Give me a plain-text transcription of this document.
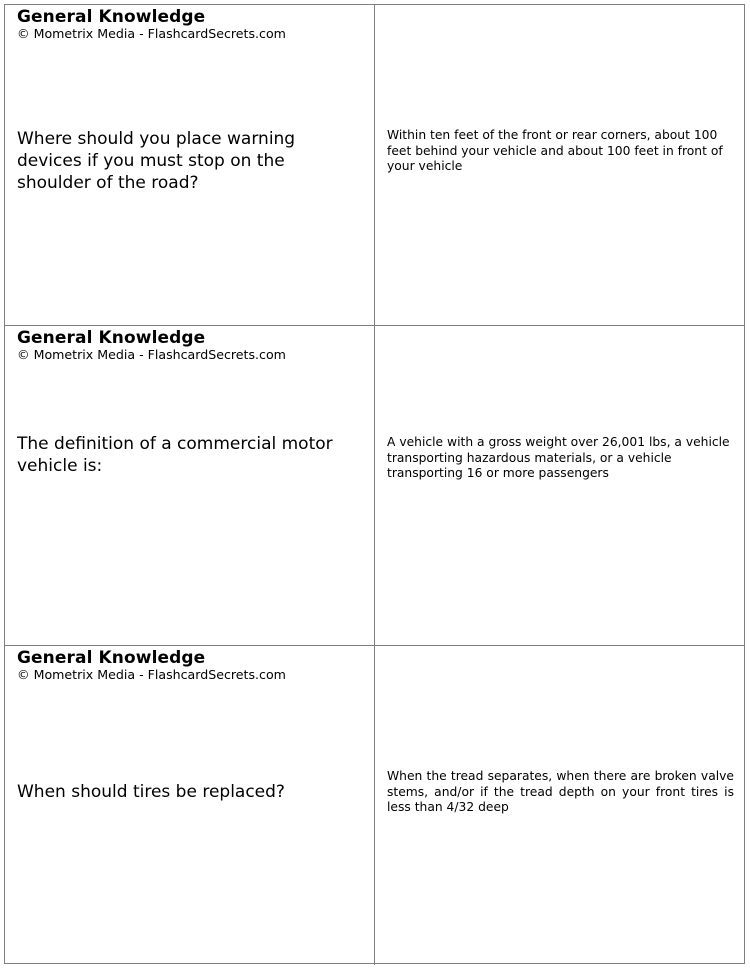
General Knowledge
© Mometrix Media - FlashcardSecrets.com
Where should you place warning devices if you must stop on the shoulder of the road?
Within ten feet of the front or rear corners, about 100 feet behind your vehicle and about 100 feet in front of your vehicle
General Knowledge
© Mometrix Media - FlashcardSecrets.com
The definition of a commercial motor vehicle is:
A vehicle with a gross weight over 26,001 lbs, a vehicle transporting hazardous materials, or a vehicle transporting 16 or more passengers
General Knowledge
© Mometrix Media - FlashcardSecrets.com
When should tires be replaced?
When the tread separates, when there are broken valve stems, and/or if the tread depth on your front tires is less than 4/32 deep
